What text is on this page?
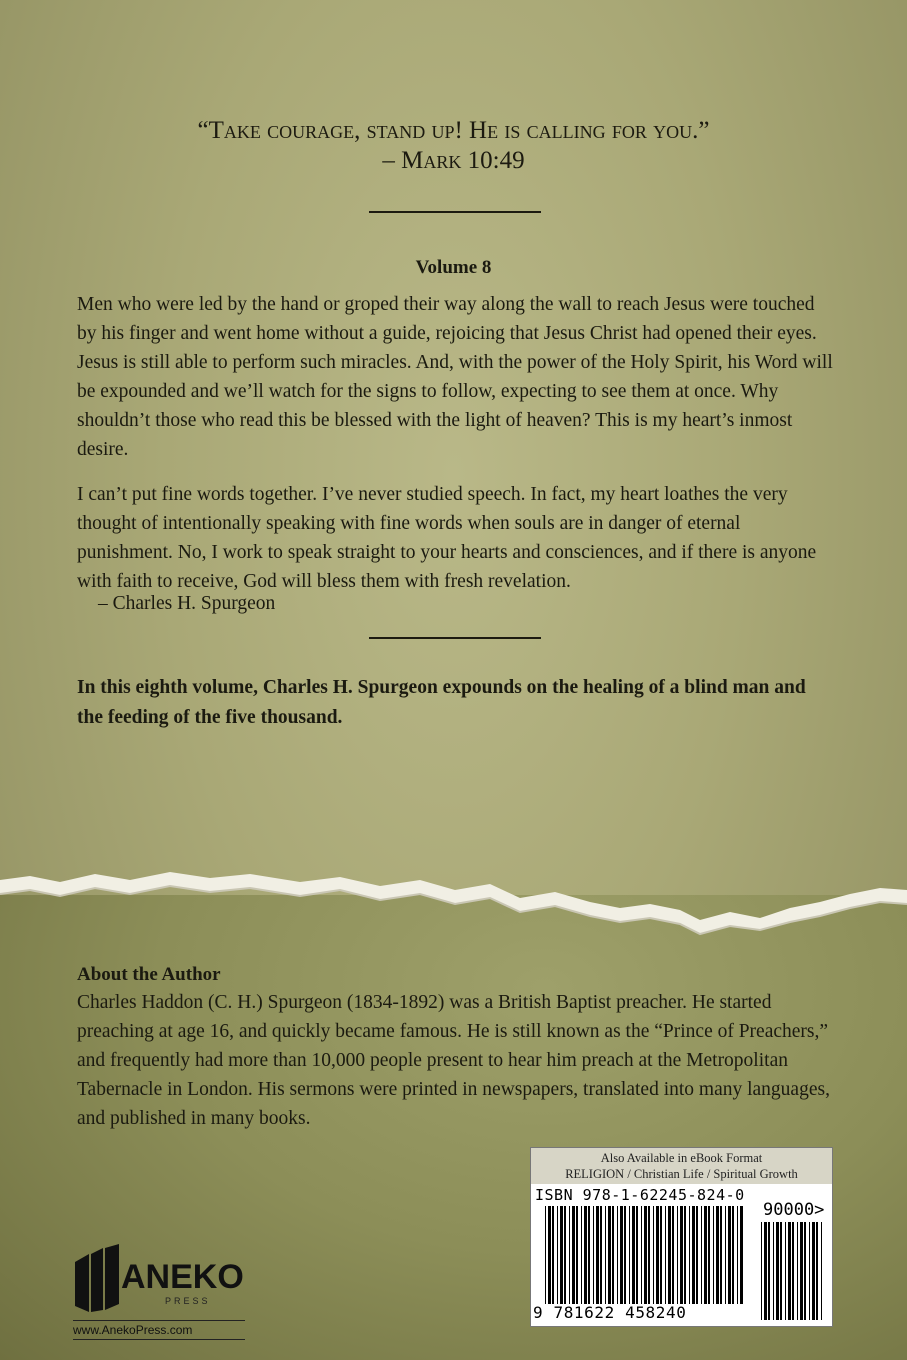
“Take courage, stand up! He is calling for you.”
– Mark 10:49
Volume 8

Men who were led by the hand or groped their way along the wall to reach Jesus were touched by his finger and went home without a guide, rejoicing that Jesus Christ had opened their eyes. Jesus is still able to perform such miracles. And, with the power of the Holy Spirit, his Word will be expounded and we’ll watch for the signs to follow, expecting to see them at once. Why shouldn’t those who read this be blessed with the light of heaven? This is my heart’s inmost desire.

I can’t put fine words together. I’ve never studied speech. In fact, my heart loathes the very thought of intentionally speaking with fine words when souls are in danger of eternal punishment. No, I work to speak straight to your hearts and consciences, and if there is anyone with faith to receive, God will bless them with fresh revelation.

– Charles H. Spurgeon

In this eighth volume, Charles H. Spurgeon expounds on the healing of a blind man and the feeding of the five thousand.

About the Author

Charles Haddon (C. H.) Spurgeon (1834-1892) was a British Baptist preacher. He started preaching at age 16, and quickly became famous. He is still known as the “Prince of Preachers,” and frequently had more than 10,000 people present to hear him preach at the Metropolitan Tabernacle in London. His sermons were printed in newspapers, translated into many languages, and published in many books.

Also Available in eBook Format
RELIGION / Christian Life / Spiritual Growth
ISBN 978-1-62245-824-0
90000>
9 781622 458240
ANEKO
PRESS
www.AnekoPress.com
